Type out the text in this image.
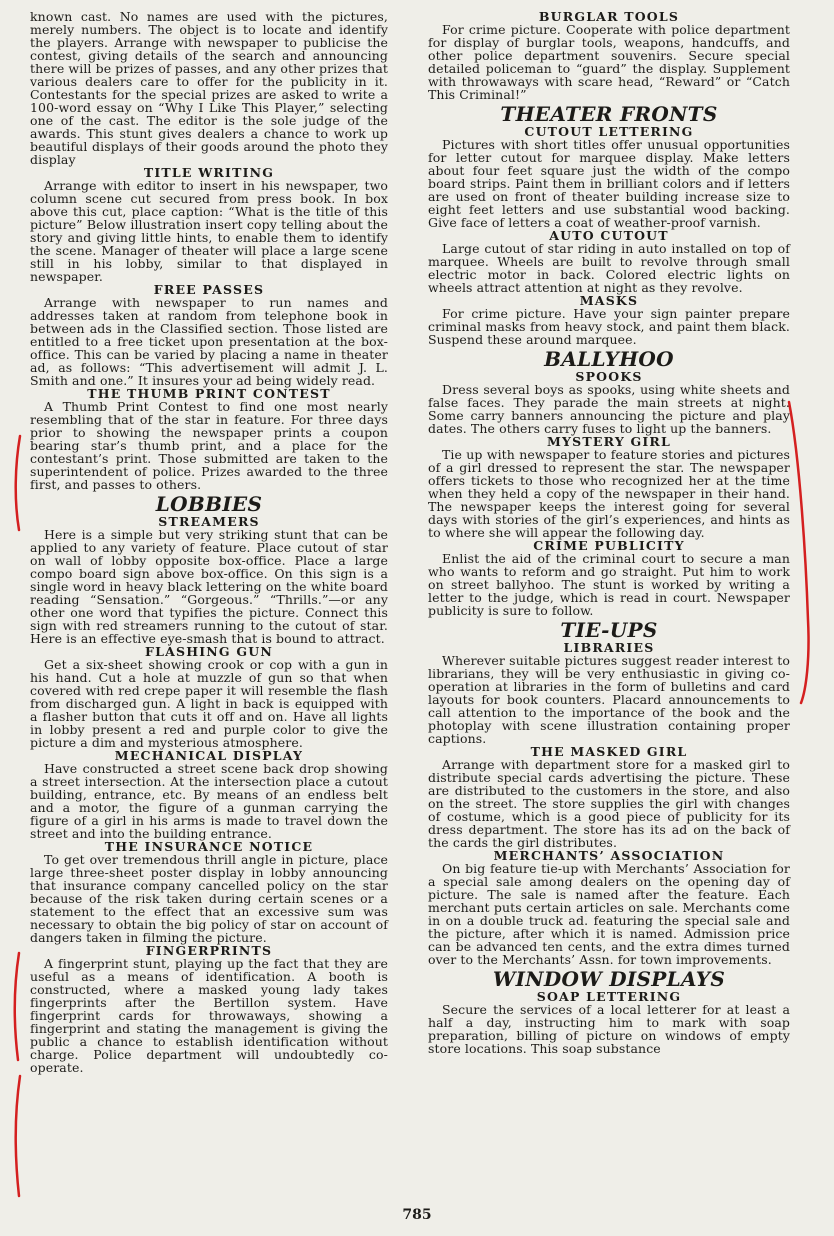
known cast. No names are used with the pictures, merely numbers. The object is to locate and identify the players. Arrange with newspaper to publicise the contest, giving details of the search and announcing there will be prizes of passes, and any other prizes that various dealers care to offer for the publicity in it. Contestants for the special prizes are asked to write a 100-word essay on “Why I Like This Player,” selecting one of the cast. The editor is the sole judge of the awards. This stunt gives dealers a chance to work up beautiful displays of their goods around the photo they display

TITLE WRITING

Arrange with editor to insert in his newspaper, two column scene cut secured from press book. In box above this cut, place caption: “What is the title of this picture” Below illustration insert copy telling about the story and giving little hints, to enable them to identify the scene. Manager of theater will place a large scene still in his lobby, similar to that displayed in newspaper.

FREE PASSES

Arrange with newspaper to run names and addresses taken at random from telephone book in between ads in the Classified section. Those listed are entitled to a free ticket upon presentation at the box-office. This can be varied by placing a name in theater ad, as follows: “This advertisement will admit J. L. Smith and one.” It insures your ad being widely read.

THE THUMB PRINT CONTEST

A Thumb Print Contest to find one most nearly resembling that of the star in feature. For three days prior to showing the newspaper prints a coupon bearing star’s thumb print, and a place for the contestant’s print. Those submitted are taken to the superintendent of police. Prizes awarded to the three first, and passes to others.

LOBBIES
STREAMERS

Here is a simple but very striking stunt that can be applied to any variety of feature. Place cutout of star on wall of lobby opposite box-office. Place a large compo board sign above box-office. On this sign is a single word in heavy black lettering on the white board reading “Sensation.” “Gorgeous.” “Thrills.”—or any other one word that typifies the picture. Connect this sign with red streamers running to the cutout of star. Here is an effective eye-smash that is bound to attract.

FLASHING GUN

Get a six-sheet showing crook or cop with a gun in his hand. Cut a hole at muzzle of gun so that when covered with red crepe paper it will resemble the flash from discharged gun. A light in back is equipped with a flasher button that cuts it off and on. Have all lights in lobby present a red and purple color to give the picture a dim and mysterious atmosphere.

MECHANICAL DISPLAY

Have constructed a street scene back drop showing a street intersection. At the intersection place a cutout building, entrance, etc. By means of an endless belt and a motor, the figure of a gunman carrying the figure of a girl in his arms is made to travel down the street and into the building entrance.

THE INSURANCE NOTICE

To get over tremendous thrill angle in picture, place large three-sheet poster display in lobby announcing that insurance company cancelled policy on the star because of the risk taken during certain scenes or a statement to the effect that an excessive sum was necessary to obtain the big policy of star on account of dangers taken in filming the picture.

FINGERPRINTS

A fingerprint stunt, playing up the fact that they are useful as a means of identification. A booth is constructed, where a masked young lady takes fingerprints after the Bertillon system. Have fingerprint cards for throwaways, showing a fingerprint and stating the management is giving the public a chance to establish identification without charge. Police department will undoubtedly co-operate.

BURGLAR TOOLS

For crime picture. Cooperate with police department for display of burglar tools, weapons, handcuffs, and other police department souvenirs. Secure special detailed policeman to “guard” the display. Supplement with throwaways with scare head, “Reward” or “Catch This Criminal!”

THEATER FRONTS
CUTOUT LETTERING

Pictures with short titles offer unusual opportunities for letter cutout for marquee display. Make letters about four feet square just the width of the compo board strips. Paint them in brilliant colors and if letters are used on front of theater building increase size to eight feet letters and use substantial wood backing. Give face of letters a coat of weather-proof varnish.

AUTO CUTOUT

Large cutout of star riding in auto installed on top of marquee. Wheels are built to revolve through small electric motor in back. Colored electric lights on wheels attract attention at night as they revolve.

MASKS

For crime picture. Have your sign painter prepare criminal masks from heavy stock, and paint them black. Suspend these around marquee.

BALLYHOO
SPOOKS

Dress several boys as spooks, using white sheets and false faces. They parade the main streets at night. Some carry banners announcing the picture and play dates. The others carry fuses to light up the banners.

MYSTERY GIRL

Tie up with newspaper to feature stories and pictures of a girl dressed to represent the star. The newspaper offers tickets to those who recognized her at the time when they held a copy of the newspaper in their hand. The newspaper keeps the interest going for several days with stories of the girl’s experiences, and hints as to where she will appear the following day.

CRIME PUBLICITY

Enlist the aid of the criminal court to secure a man who wants to reform and go straight. Put him to work on street ballyhoo. The stunt is worked by writing a letter to the judge, which is read in court. Newspaper publicity is sure to follow.

TIE-UPS
LIBRARIES

Wherever suitable pictures suggest reader interest to librarians, they will be very enthusiastic in giving co-operation at libraries in the form of bulletins and card layouts for book counters. Placard announcements to call attention to the importance of the book and the photoplay with scene illustration containing proper captions.

THE MASKED GIRL

Arrange with department store for a masked girl to distribute special cards advertising the picture. These are distributed to the customers in the store, and also on the street. The store supplies the girl with changes of costume, which is a good piece of publicity for its dress department. The store has its ad on the back of the cards the girl distributes.

MERCHANTS’ ASSOCIATION

On big feature tie-up with Merchants’ Association for a special sale among dealers on the opening day of picture. The sale is named after the feature. Each merchant puts certain articles on sale. Merchants come in on a double truck ad. featuring the special sale and the picture, after which it is named. Admission price can be advanced ten cents, and the extra dimes turned over to the Merchants’ Assn. for town improvements.

WINDOW DISPLAYS
SOAP LETTERING

Secure the services of a local letterer for at least a half a day, instructing him to mark with soap preparation, billing of picture on windows of empty store locations. This soap substance

785
